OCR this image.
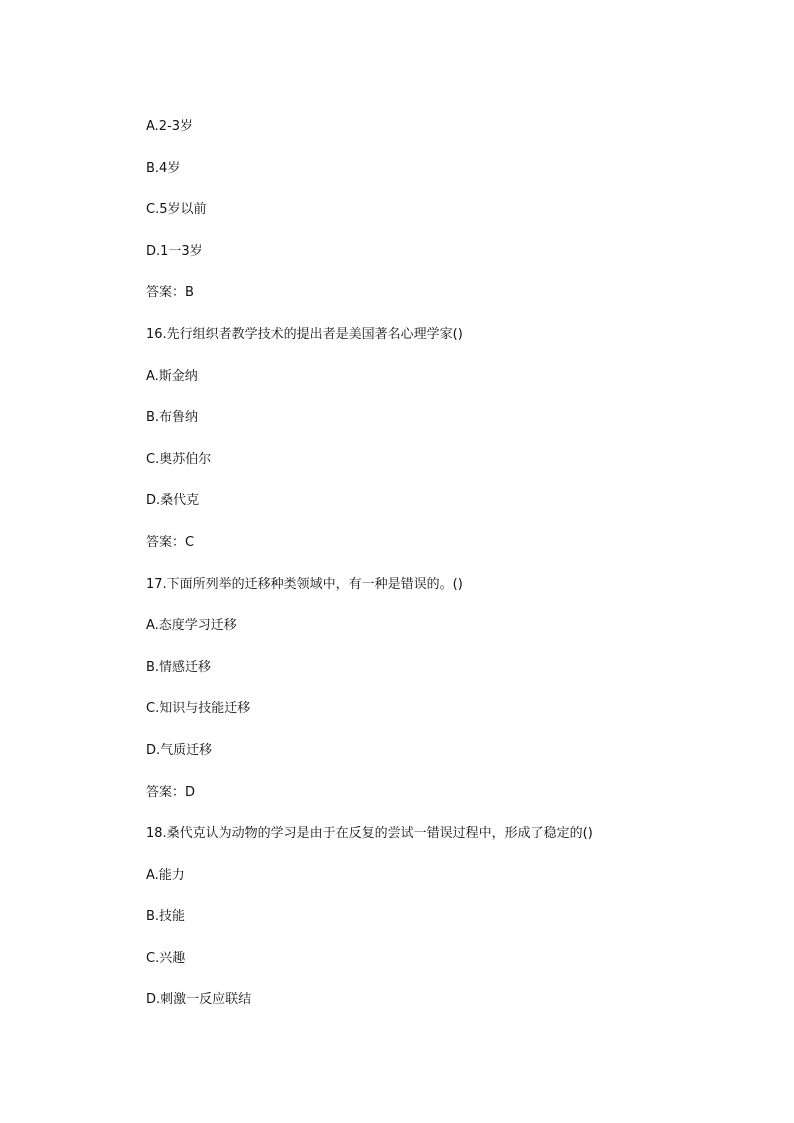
A.2-3岁
B.4岁
C.5岁以前
D.1一3岁
答案：B
16.先行组织者教学技术的提出者是美国著名心理学家()
A.斯金纳
B.布鲁纳
C.奥苏伯尔
D.桑代克
答案：C
17.下面所列举的迁移种类领域中，有一种是错误的。()
A.态度学习迁移
B.情感迁移
C.知识与技能迁移
D.气质迁移
答案：D
18.桑代克认为动物的学习是由于在反复的尝试一错误过程中，形成了稳定的()
A.能力
B.技能
C.兴趣
D.刺激一反应联结
